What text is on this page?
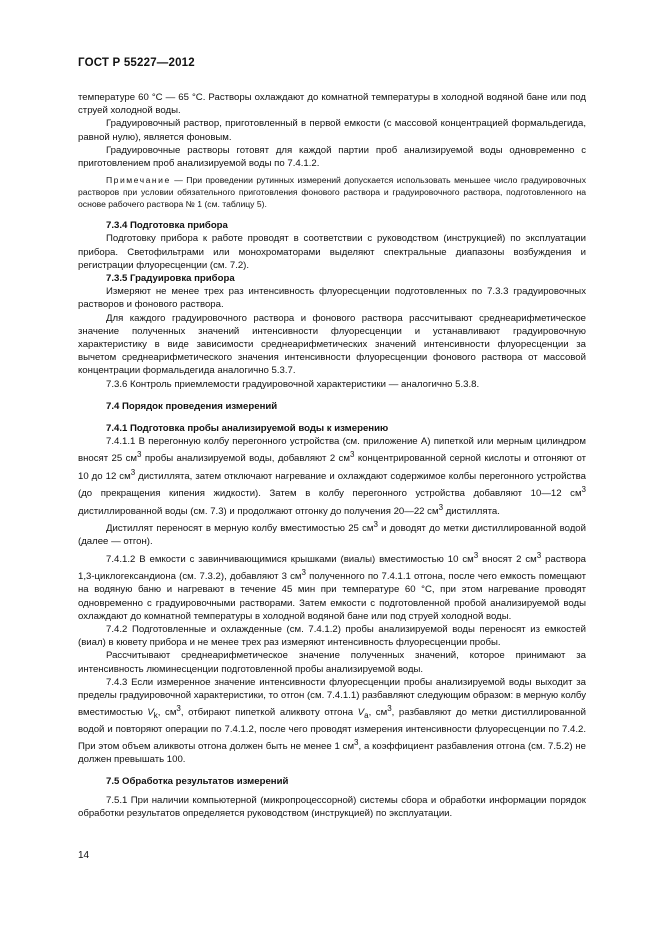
ГОСТ Р 55227—2012

температуре 60 °С — 65 °С. Растворы охлаждают до комнатной температуры в холодной водяной бане или под струей холодной воды.

Градуировочный раствор, приготовленный в первой емкости (с массовой концентрацией формальдегида, равной нулю), является фоновым.

Градуировочные растворы готовят для каждой партии проб анализируемой воды одновременно с приготовлением проб анализируемой воды по 7.4.1.2.

Примечание — При проведении рутинных измерений допускается использовать меньшее число градуировочных растворов при условии обязательного приготовления фонового раствора и градуировочного раствора, подготовленного на основе рабочего раствора № 1 (см. таблицу 5).

7.3.4 Подготовка прибора

Подготовку прибора к работе проводят в соответствии с руководством (инструкцией) по эксплуатации прибора. Светофильтрами или монохроматорами выделяют спектральные диапазоны возбуждения и регистрации флуоресценции (см. 7.2).

7.3.5 Градуировка прибора

Измеряют не менее трех раз интенсивность флуоресценции подготовленных по 7.3.3 градуировочных растворов и фонового раствора.

Для каждого градуировочного раствора и фонового раствора рассчитывают среднеарифметическое значение полученных значений интенсивности флуоресценции и устанавливают градуировочную характеристику в виде зависимости среднеарифметических значений интенсивности флуоресценции за вычетом среднеарифметического значения интенсивности флуоресценции фонового раствора от массовой концентрации формальдегида аналогично 5.3.7.

7.3.6 Контроль приемлемости градуировочной характеристики — аналогично 5.3.8.

7.4 Порядок проведения измерений

7.4.1 Подготовка пробы анализируемой воды к измерению

7.4.1.1 В перегонную колбу перегонного устройства (см. приложение А) пипеткой или мерным цилиндром вносят 25 $см^3$ пробы анализируемой воды, добавляют 2 $см^3$ концентрированной серной кислоты и отгоняют от 10 до 12 $см^3$ дистиллята, затем отключают нагревание и охлаждают содержимое колбы перегонного устройства (до прекращения кипения жидкости). Затем в колбу перегонного устройства добавляют 10—12 $см^3$ дистиллированной воды (см. 7.3) и продолжают отгонку до получения 20—22 $см^3$ дистиллята.

Дистиллят переносят в мерную колбу вместимостью 25 $см^3$ и доводят до метки дистиллированной водой (далее — отгон).

7.4.1.2 В емкости с завинчивающимися крышками (виалы) вместимостью 10 $см^3$ вносят 2 $см^3$ раствора 1,3-циклогександиона (см. 7.3.2), добавляют 3 $см^3$ полученного по 7.4.1.1 отгона, после чего емкость помещают на водяную баню и нагревают в течение 45 мин при температуре 60 °С, при этом нагревание проводят одновременно с градуировочными растворами. Затем емкости с подготовленной пробой анализируемой воды охлаждают до комнатной температуры в холодной водяной бане или под струей холодной воды.

7.4.2 Подготовленные и охлажденные (см. 7.4.1.2) пробы анализируемой воды переносят из емкостей (виал) в кювету прибора и не менее трех раз измеряют интенсивность флуоресценции пробы.

Рассчитывают среднеарифметическое значение полученных значений, которое принимают за интенсивность люминесценции подготовленной пробы анализируемой воды.

7.4.3 Если измеренное значение интенсивности флуоресценции пробы анализируемой воды выходит за пределы градуировочной характеристики, то отгон (см. 7.4.1.1) разбавляют следующим образом: в мерную колбу вместимостью $V_k$, $см^3$, отбирают пипеткой аликвоту отгона $V_a$, $см^3$, разбавляют до метки дистиллированной водой и повторяют операции по 7.4.1.2, после чего проводят измерения интенсивности флуоресценции по 7.4.2. При этом объем аликвоты отгона должен быть не менее 1 $см^3$, а коэффициент разбавления отгона (см. 7.5.2) не должен превышать 100.

7.5 Обработка результатов измерений

7.5.1 При наличии компьютерной (микропроцессорной) системы сбора и обработки информации порядок обработки результатов определяется руководством (инструкцией) по эксплуатации.

14
